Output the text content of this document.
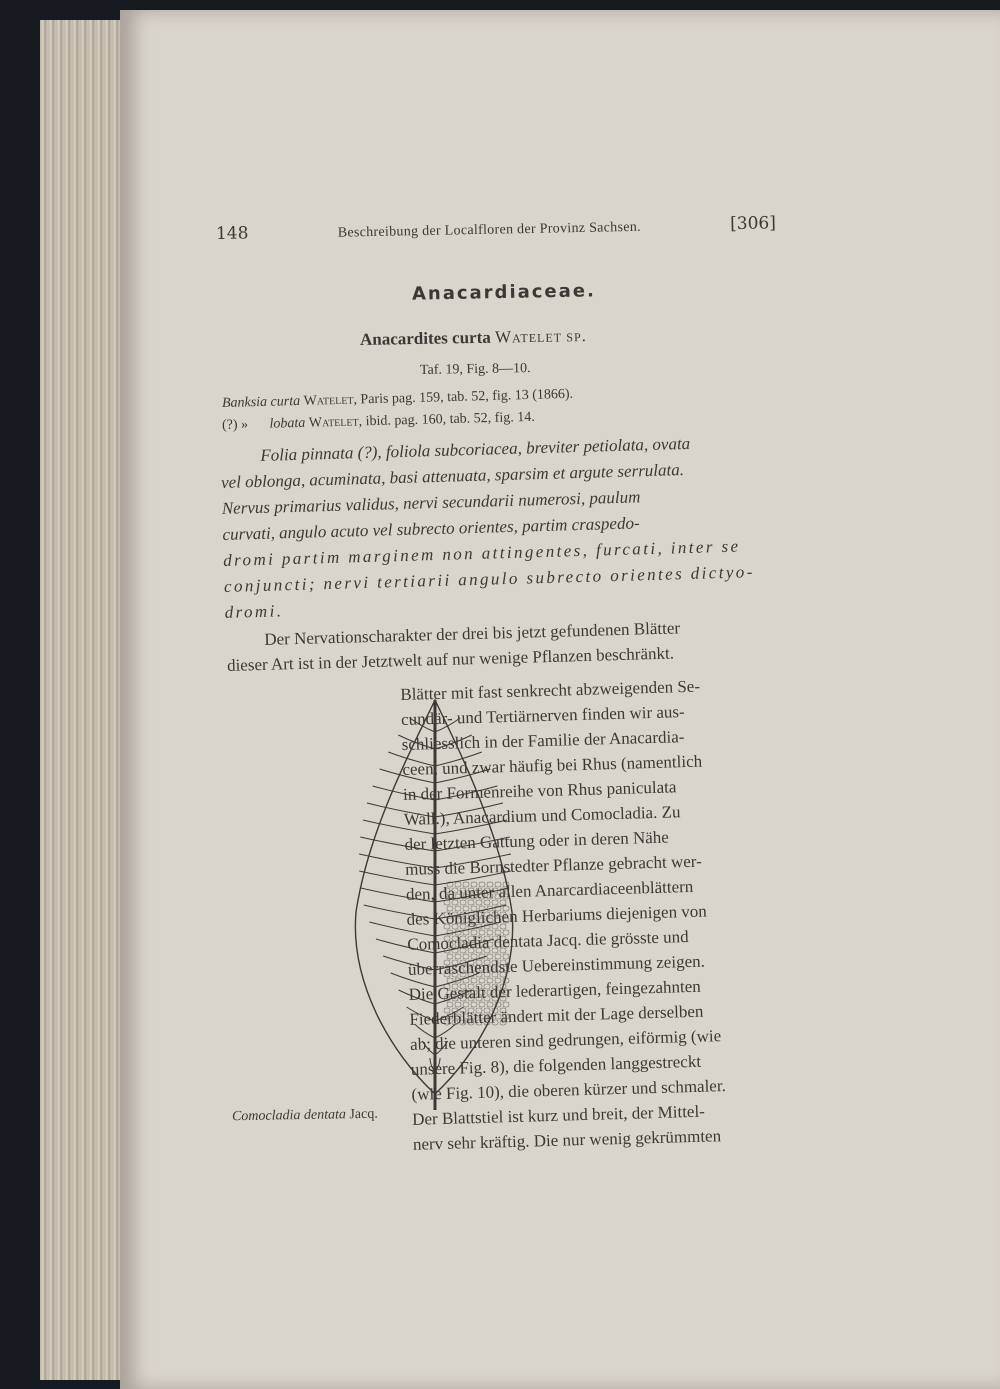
148	Beschreibung der Localfloren der Provinz Sachsen.	[306]
Anacardiaceae.
Anacardites curta Watelet sp.
Taf. 19, Fig. 8—10.
Banksia curta Watelet, Paris pag. 159, tab. 52, fig. 13 (1866).
(?) » lobata Watelet, ibid. pag. 160, tab. 52, fig. 14.
Folia pinnata (?), foliola subcoriacea, breviter petiolata, ovata
vel oblonga, acuminata, basi attenuata, sparsim et argute serrulata.
Nervus primarius validus, nervi secundarii numerosi, paulum
curvati, angulo acuto vel subrecto orientes, partim craspedo-
dromi partim marginem non attingentes, furcati, inter se
conjuncti; nervi tertiarii angulo subrecto orientes dictyo-
dromi.
Der Nervationscharakter der drei bis jetzt gefundenen Blätter
dieser Art ist in der Jetztwelt auf nur wenige Pflanzen beschränkt.
Blätter mit fast senkrecht abzweigenden Se-
cundär- und Tertiärnerven finden wir aus-
schliesslich in der Familie der Anacardia-
ceen, und zwar häufig bei Rhus (namentlich
in der Formenreihe von Rhus paniculata
Wall.), Anacardium und Comocladia. Zu
der letzten Gattung oder in deren Nähe
muss die Bornstedter Pflanze gebracht wer-
den, da unter allen Anarcardiaceenblättern
des Königlichen Herbariums diejenigen von
Comocladia dentata Jacq. die grösste und
überraschendste Uebereinstimmung zeigen.
Die Gestalt der lederartigen, feingezahnten
Fiederblätter ändert mit der Lage derselben
ab; die unteren sind gedrungen, eiförmig (wie
unsere Fig. 8), die folgenden langgestreckt
(wie Fig. 10), die oberen kürzer und schmaler.
Der Blattstiel ist kurz und breit, der Mittel-
nerv sehr kräftig. Die nur wenig gekrümmten
Comocladia dentata Jacq.
